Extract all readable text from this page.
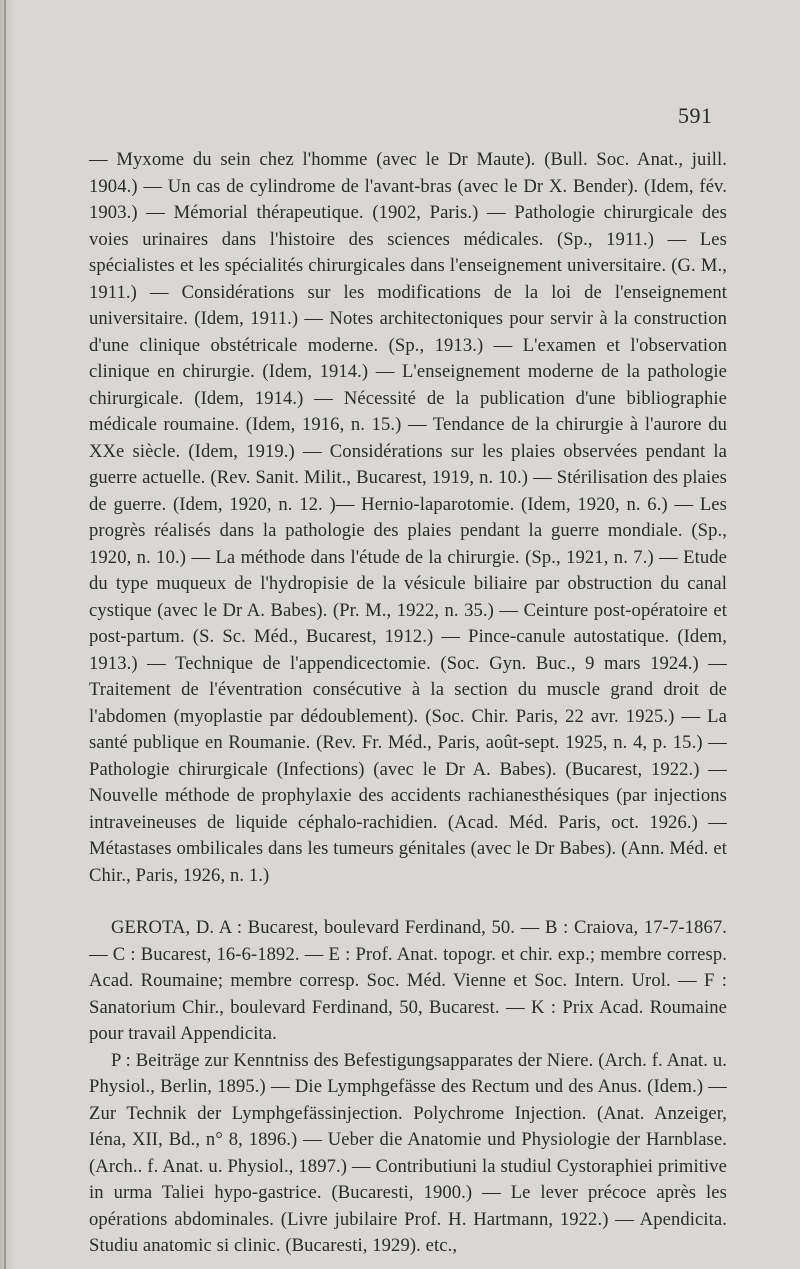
591

— Myxome du sein chez l'homme (avec le Dr Maute). (Bull. Soc. Anat., juill. 1904.) — Un cas de cylindrome de l'avant-bras (avec le Dr X. Bender). (Idem, fév. 1903.) — Mémorial thérapeutique. (1902, Paris.) — Pathologie chirurgicale des voies urinaires dans l'histoire des sciences médicales. (Sp., 1911.) — Les spécialistes et les spécialités chirurgicales dans l'enseignement universitaire. (G. M., 1911.) — Considérations sur les modifications de la loi de l'enseignement universitaire. (Idem, 1911.) — Notes architectoniques pour servir à la construction d'une clinique obstétricale moderne. (Sp., 1913.) — L'examen et l'observation clinique en chirurgie. (Idem, 1914.) — L'enseignement moderne de la pathologie chirurgicale. (Idem, 1914.) — Nécessité de la publication d'une bibliographie médicale roumaine. (Idem, 1916, n. 15.) — Tendance de la chirurgie à l'aurore du XXe siècle. (Idem, 1919.) — Considérations sur les plaies observées pendant la guerre actuelle. (Rev. Sanit. Milit., Bucarest, 1919, n. 10.) — Stérilisation des plaies de guerre. (Idem, 1920, n. 12. )— Hernio-laparotomie. (Idem, 1920, n. 6.) — Les progrès réalisés dans la pathologie des plaies pendant la guerre mondiale. (Sp., 1920, n. 10.) — La méthode dans l'étude de la chirurgie. (Sp., 1921, n. 7.) — Etude du type muqueux de l'hydropisie de la vésicule biliaire par obstruction du canal cystique (avec le Dr A. Babes). (Pr. M., 1922, n. 35.) — Ceinture post-opératoire et post-partum. (S. Sc. Méd., Bucarest, 1912.) — Pince-canule autostatique. (Idem, 1913.) — Technique de l'appendicectomie. (Soc. Gyn. Buc., 9 mars 1924.) — Traitement de l'éventration consécutive à la section du muscle grand droit de l'abdomen (myoplastie par dédoublement). (Soc. Chir. Paris, 22 avr. 1925.) — La santé publique en Roumanie. (Rev. Fr. Méd., Paris, août-sept. 1925, n. 4, p. 15.) — Pathologie chirurgicale (Infections) (avec le Dr A. Babes). (Bucarest, 1922.) — Nouvelle méthode de prophylaxie des accidents rachianesthésiques (par injections intraveineuses de liquide céphalo-rachidien. (Acad. Méd. Paris, oct. 1926.) — Métastases ombilicales dans les tumeurs génitales (avec le Dr Babes). (Ann. Méd. et Chir., Paris, 1926, n. 1.)

GEROTA, D. A : Bucarest, boulevard Ferdinand, 50. — B : Craiova, 17-7-1867. — C : Bucarest, 16-6-1892. — E : Prof. Anat. topogr. et chir. exp.; membre corresp. Acad. Roumaine; membre corresp. Soc. Méd. Vienne et Soc. Intern. Urol. — F : Sanatorium Chir., boulevard Ferdinand, 50, Bucarest. — K : Prix Acad. Roumaine pour travail Appendicita.

P : Beiträge zur Kenntniss des Befestigungsapparates der Niere. (Arch. f. Anat. u. Physiol., Berlin, 1895.) — Die Lymphgefässe des Rectum und des Anus. (Idem.) — Zur Technik der Lymphgefässinjection. Polychrome Injection. (Anat. Anzeiger, Iéna, XII, Bd., n° 8, 1896.) — Ueber die Anatomie und Physiologie der Harnblase. (Arch.. f. Anat. u. Physiol., 1897.) — Contributiuni la studiul Cystoraphiei primitive in urma Taliei hypo-gastrice. (Bucaresti, 1900.) — Le lever précoce après les opérations abdominales. (Livre jubilaire Prof. H. Hartmann, 1922.) — Apendicita. Studiu anatomic si clinic. (Bucaresti, 1929). etc.,
